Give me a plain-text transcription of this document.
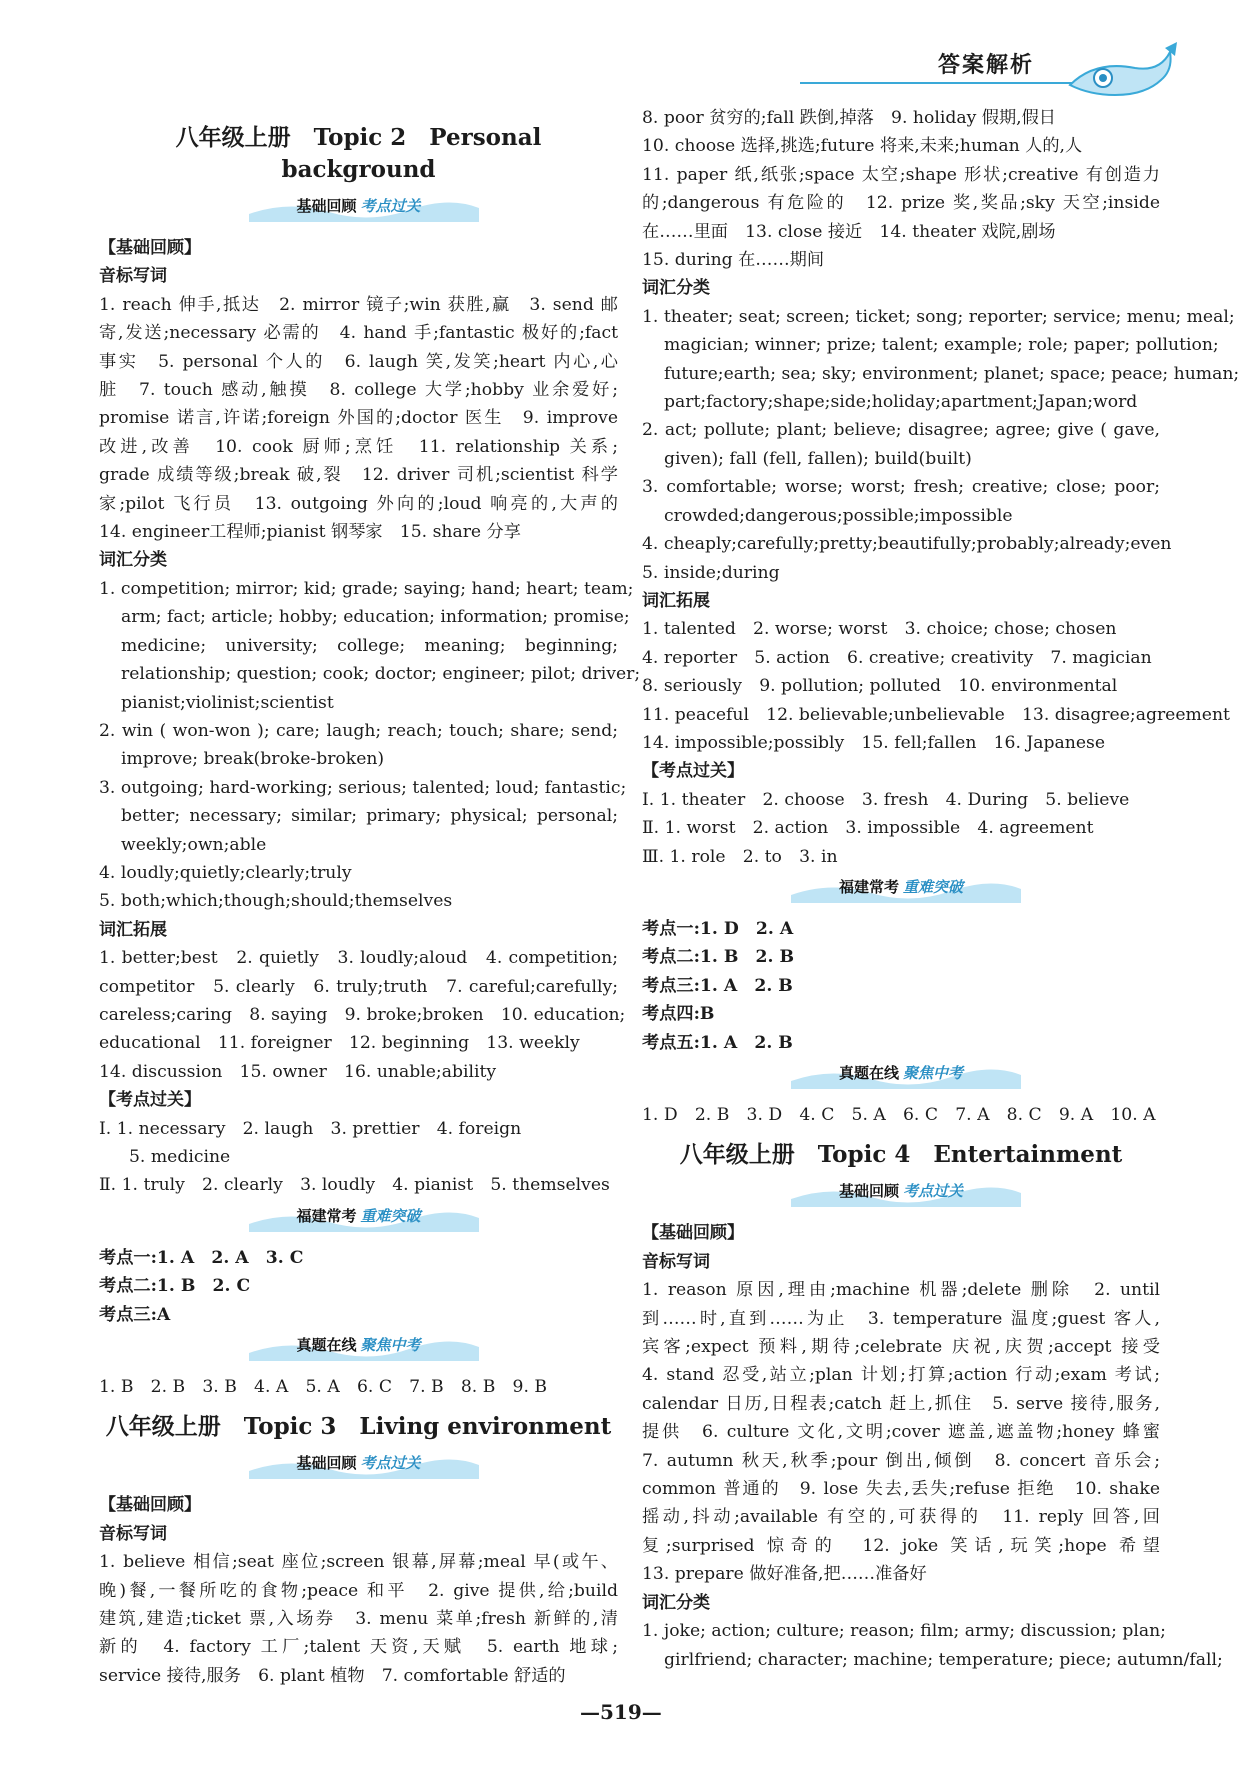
答案解析
八年级上册　Topic 2　Personal background
基础回顾 考点过关
【基础回顾】
音标写词
1. reach 伸手,抵达　2. mirror 镜子;win 获胜,赢　3. send 邮
寄,发送;necessary 必需的　4. hand 手;fantastic 极好的;fact
事实　5. personal 个人的　6. laugh 笑,发笑;heart 内心,心
脏　7. touch 感动,触摸　8. college 大学;hobby 业余爱好;
promise 诺言,许诺;foreign 外国的;doctor 医生　9. improve
改进,改善　10. cook 厨师;烹饪　11. relationship 关系;
grade 成绩等级;break 破,裂　12. driver 司机;scientist 科学
家;pilot 飞行员　13. outgoing 外向的;loud 响亮的,大声的
14. engineer工程师;pianist 钢琴家　15. share 分享
词汇分类
1. competition; mirror; kid; grade; saying; hand; heart; team;
arm; fact; article; hobby; education; information; promise;
medicine;　university;　college;　meaning;　beginning;
relationship; question; cook; doctor; engineer; pilot; driver;
pianist;violinist;scientist
2. win ( won-won ); care; laugh; reach; touch; share; send;
improve; break(broke-broken)
3. outgoing; hard-working; serious; talented; loud; fantastic;
better; necessary; similar; primary; physical; personal;
weekly;own;able
4. loudly;quietly;clearly;truly
5. both;which;though;should;themselves
词汇拓展
1. better;best　2. quietly　3. loudly;aloud　4. competition;
competitor　5. clearly　6. truly;truth　7. careful;carefully;
careless;caring　8. saying　9. broke;broken　10. education;
educational　11. foreigner　12. beginning　13. weekly
14. discussion　15. owner　16. unable;ability
【考点过关】
Ⅰ. 1. necessary　2. laugh　3. prettier　4. foreign
5. medicine
Ⅱ. 1. truly　2. clearly　3. loudly　4. pianist　5. themselves
福建常考 重难突破
考点一:1. A　2. A　3. C
考点二:1. B　2. C
考点三:A
真题在线 聚焦中考
1. B　2. B　3. B　4. A　5. A　6. C　7. B　8. B　9. B
八年级上册　Topic 3　Living environment
基础回顾 考点过关
【基础回顾】
音标写词
1. believe 相信;seat 座位;screen 银幕,屏幕;meal 早(或午、
晚)餐,一餐所吃的食物;peace 和平　2. give 提供,给;build
建筑,建造;ticket 票,入场券　3. menu 菜单;fresh 新鲜的,清
新的　4. factory 工厂;talent 天资,天赋　5. earth 地球;
service 接待,服务　6. plant 植物　7. comfortable 舒适的
8. poor 贫穷的;fall 跌倒,掉落　9. holiday 假期,假日
10. choose 选择,挑选;future 将来,未来;human 人的,人
11. paper 纸,纸张;space 太空;shape 形状;creative 有创造力
的;dangerous 有危险的　12. prize 奖,奖品;sky 天空;inside
在……里面　13. close 接近　14. theater 戏院,剧场
15. during 在……期间
词汇分类
1. theater; seat; screen; ticket; song; reporter; service; menu; meal;
magician; winner; prize; talent; example; role; paper; pollution;
future;earth; sea; sky; environment; planet; space; peace; human;
part;factory;shape;side;holiday;apartment;Japan;word
2. act; pollute; plant; believe; disagree; agree; give ( gave,
given); fall (fell, fallen); build(built)
3. comfortable; worse; worst; fresh; creative; close; poor;
crowded;dangerous;possible;impossible
4. cheaply;carefully;pretty;beautifully;probably;already;even
5. inside;during
词汇拓展
1. talented　2. worse; worst　3. choice; chose; chosen
4. reporter　5. action　6. creative; creativity　7. magician
8. seriously　9. pollution; polluted　10. environmental
11. peaceful　12. believable;unbelievable　13. disagree;agreement
14. impossible;possibly　15. fell;fallen　16. Japanese
【考点过关】
Ⅰ. 1. theater　2. choose　3. fresh　4. During　5. believe
Ⅱ. 1. worst　2. action　3. impossible　4. agreement
Ⅲ. 1. role　2. to　3. in
福建常考 重难突破
考点一:1. D　2. A
考点二:1. B　2. B
考点三:1. A　2. B
考点四:B
考点五:1. A　2. B
真题在线 聚焦中考
1. D　2. B　3. D　4. C　5. A　6. C　7. A　8. C　9. A　10. A
八年级上册　Topic 4　Entertainment
基础回顾 考点过关
【基础回顾】
音标写词
1. reason 原因,理由;machine 机器;delete 删除　2. until
到……时,直到……为止　3. temperature 温度;guest 客人,
宾客;expect 预料,期待;celebrate 庆祝,庆贺;accept 接受
4. stand 忍受,站立;plan 计划;打算;action 行动;exam 考试;
calendar 日历,日程表;catch 赶上,抓住　5. serve 接待,服务,
提供　6. culture 文化,文明;cover 遮盖,遮盖物;honey 蜂蜜
7. autumn 秋天,秋季;pour 倒出,倾倒　8. concert 音乐会;
common 普通的　9. lose 失去,丢失;refuse 拒绝　10. shake
摇动,抖动;available 有空的,可获得的　11. reply 回答,回
复;surprised 惊奇的　12. joke 笑话,玩笑;hope 希望
13. prepare 做好准备,把……准备好
词汇分类
1. joke; action; culture; reason; film; army; discussion; plan;
girlfriend; character; machine; temperature; piece; autumn/fall;
—519—
